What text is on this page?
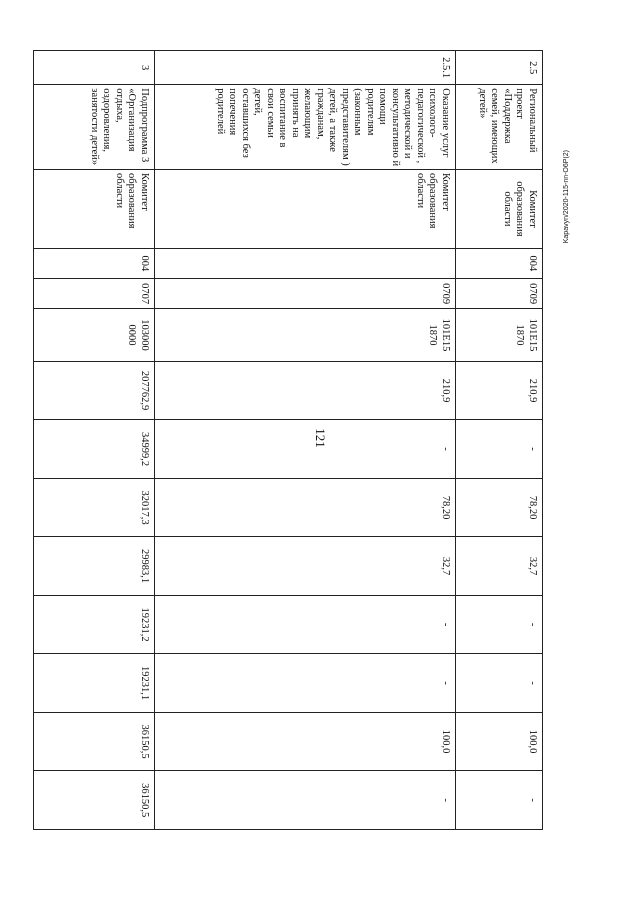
121
Kapavyn/2020-115-nn-O6P(2)
2.5	Региональный проект «Поддержка семей, имеющих детей»	Комитет образования области	004	0709	101Е15 1870	210,9	-	78,20	32,7	-	-	100,0	-
2.5.1	Оказание услуг психолого-педагогической , методической и консультативно й помощи родителям (законным представителям ) детей, а также гражданам, желающим принять на воспитание в свои семьи детей, оставшихся без попечения родителей	Комитет образования области		0709	101Е15 1870	210,9	-	78,20	32,7	-	-	100,0	-
3	Подпрограмма 3 «Организация отдыха, оздоровления, занятости детей»	Комитет образования области	004	0707	103000 0000	207762,9	34999,2	32017,3	29983,1	19231,2	19231,1	36150,5	36150,5
